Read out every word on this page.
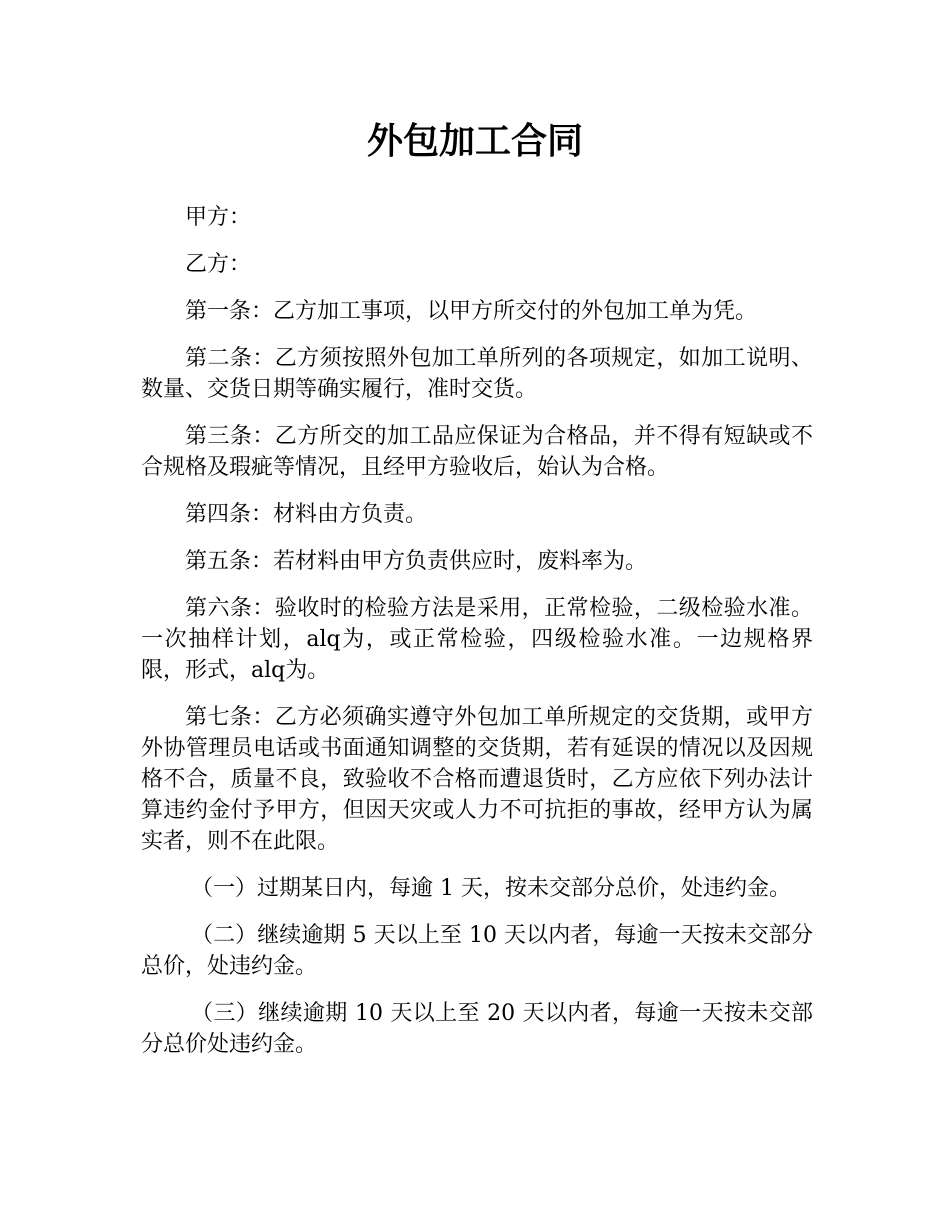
外包加工合同

甲方：

乙方：

第一条：乙方加工事项，以甲方所交付的外包加工单为凭。

第二条：乙方须按照外包加工单所列的各项规定，如加工说明、数量、交货日期等确实履行，准时交货。

第三条：乙方所交的加工品应保证为合格品，并不得有短缺或不合规格及瑕疵等情况，且经甲方验收后，始认为合格。

第四条：材料由方负责。

第五条：若材料由甲方负责供应时，废料率为。

第六条：验收时的检验方法是采用，正常检验，二级检验水准。一次抽样计划，alq为，或正常检验，四级检验水准。一边规格界限，形式，alq为。

第七条：乙方必须确实遵守外包加工单所规定的交货期，或甲方外协管理员电话或书面通知调整的交货期，若有延误的情况以及因规格不合，质量不良，致验收不合格而遭退货时，乙方应依下列办法计算违约金付予甲方，但因天灾或人力不可抗拒的事故，经甲方认为属实者，则不在此限。

（一）过期某日内，每逾 1 天，按未交部分总价，处违约金。

（二）继续逾期 5 天以上至 10 天以内者，每逾一天按未交部分总价，处违约金。

（三）继续逾期 10 天以上至 20 天以内者，每逾一天按未交部分总价处违约金。
